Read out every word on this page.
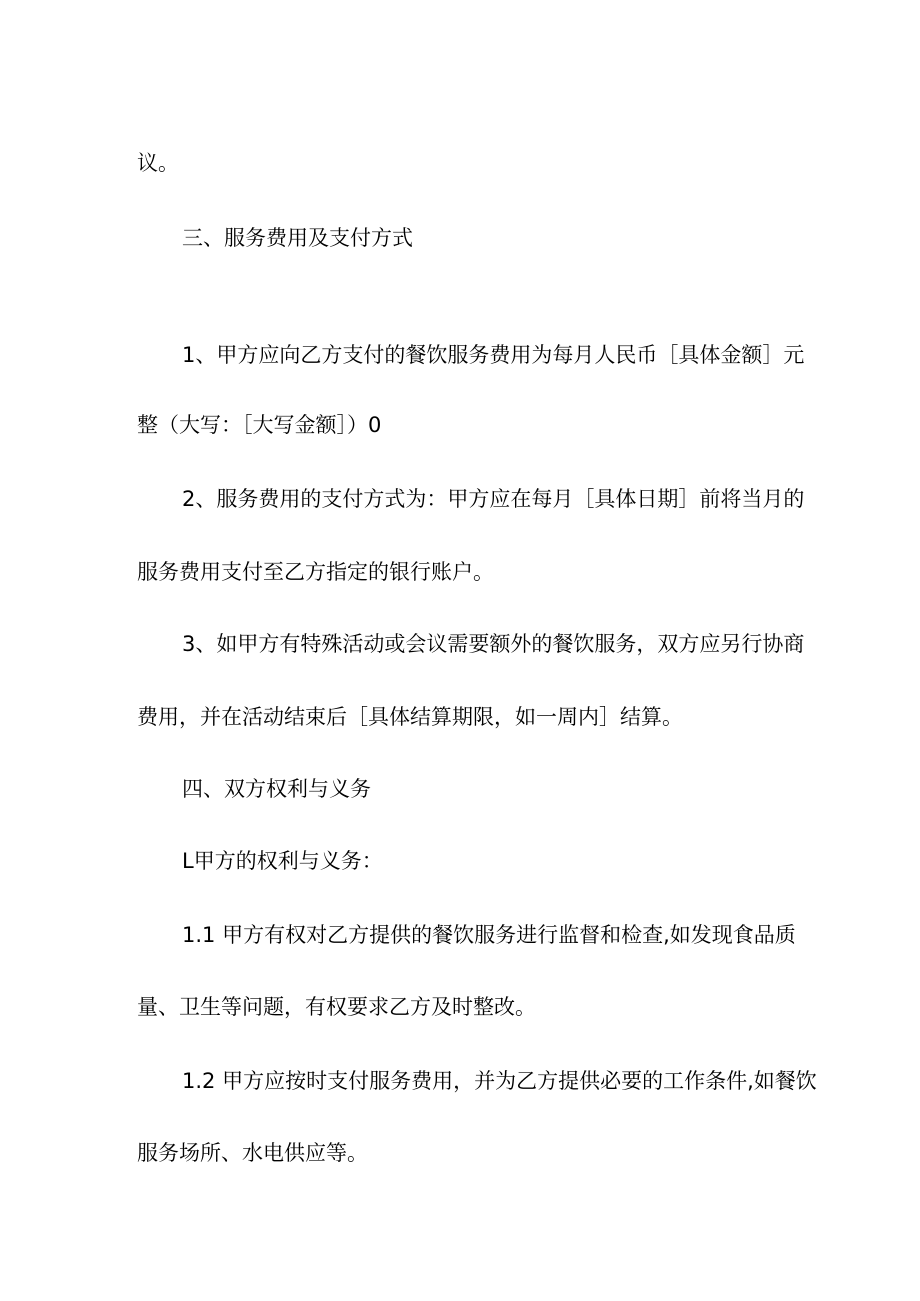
议。
三、服务费用及支付方式
1、甲方应向乙方支付的餐饮服务费用为每月人民币［具体金额］元
整（大写：［大写金额］）0
2、服务费用的支付方式为：甲方应在每月［具体日期］前将当月的
服务费用支付至乙方指定的银行账户。
3、如甲方有特殊活动或会议需要额外的餐饮服务，双方应另行协商
费用，并在活动结束后［具体结算期限，如一周内］结算。
四、双方权利与义务
L甲方的权利与义务：
1.1 甲方有权对乙方提供的餐饮服务进行监督和检查,如发现食品质
量、卫生等问题，有权要求乙方及时整改。
1.2 甲方应按时支付服务费用，并为乙方提供必要的工作条件,如餐饮
服务场所、水电供应等。
